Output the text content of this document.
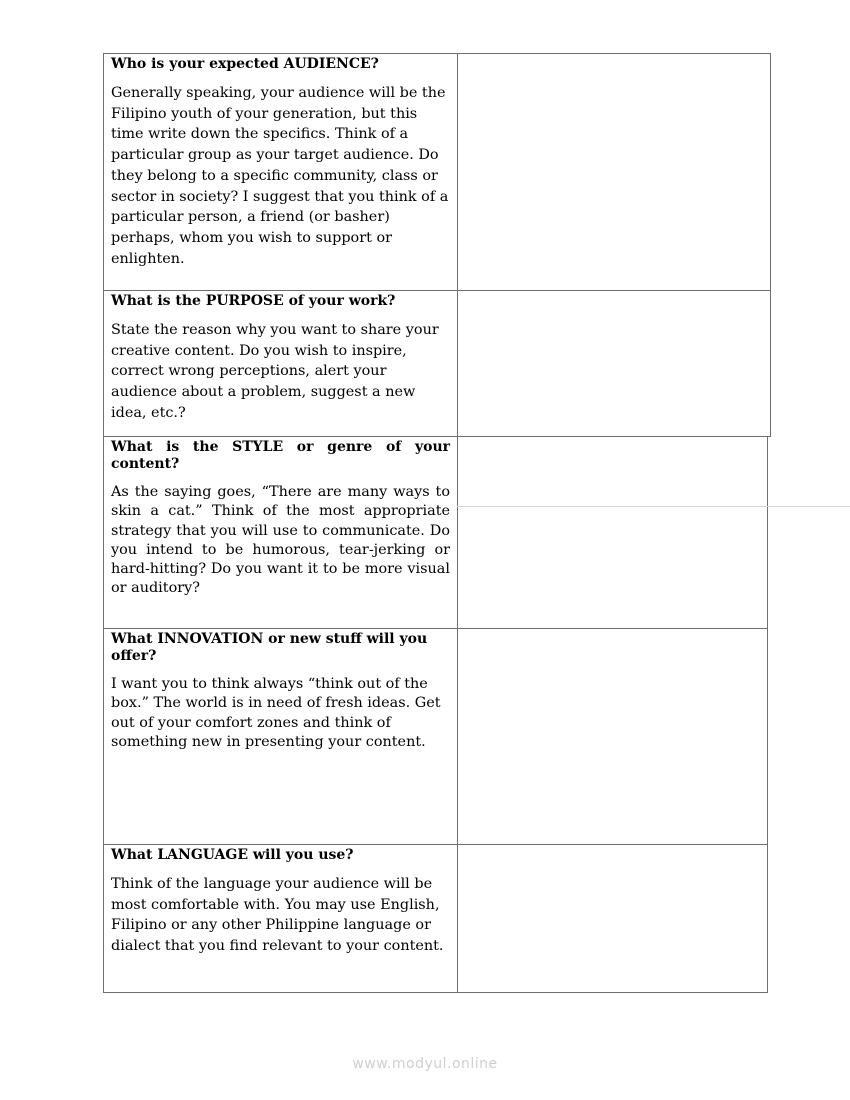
Who is your expected AUDIENCE?

Generally speaking, your audience will be the Filipino youth of your generation, but this time write down the specifics. Think of a particular group as your target audience. Do they belong to a specific community, class or sector in society? I suggest that you think of a particular person, a friend (or basher) perhaps, whom you wish to support or enlighten.

What is the PURPOSE of your work?

State the reason why you want to share your creative content. Do you wish to inspire, correct wrong perceptions, alert your audience about a problem, suggest a new idea, etc.?

What is the STYLE or genre of your content?

As the saying goes, “There are many ways to skin a cat.” Think of the most appropriate strategy that you will use to communicate. Do you intend to be humorous, tear-jerking or hard-hitting? Do you want it to be more visual or auditory?

What INNOVATION or new stuff will you offer?

I want you to think always “think out of the box.” The world is in need of fresh ideas. Get out of your comfort zones and think of something new in presenting your content.

What LANGUAGE will you use?

Think of the language your audience will be most comfortable with. You may use English, Filipino or any other Philippine language or dialect that you find relevant to your content.

www.modyul.online
